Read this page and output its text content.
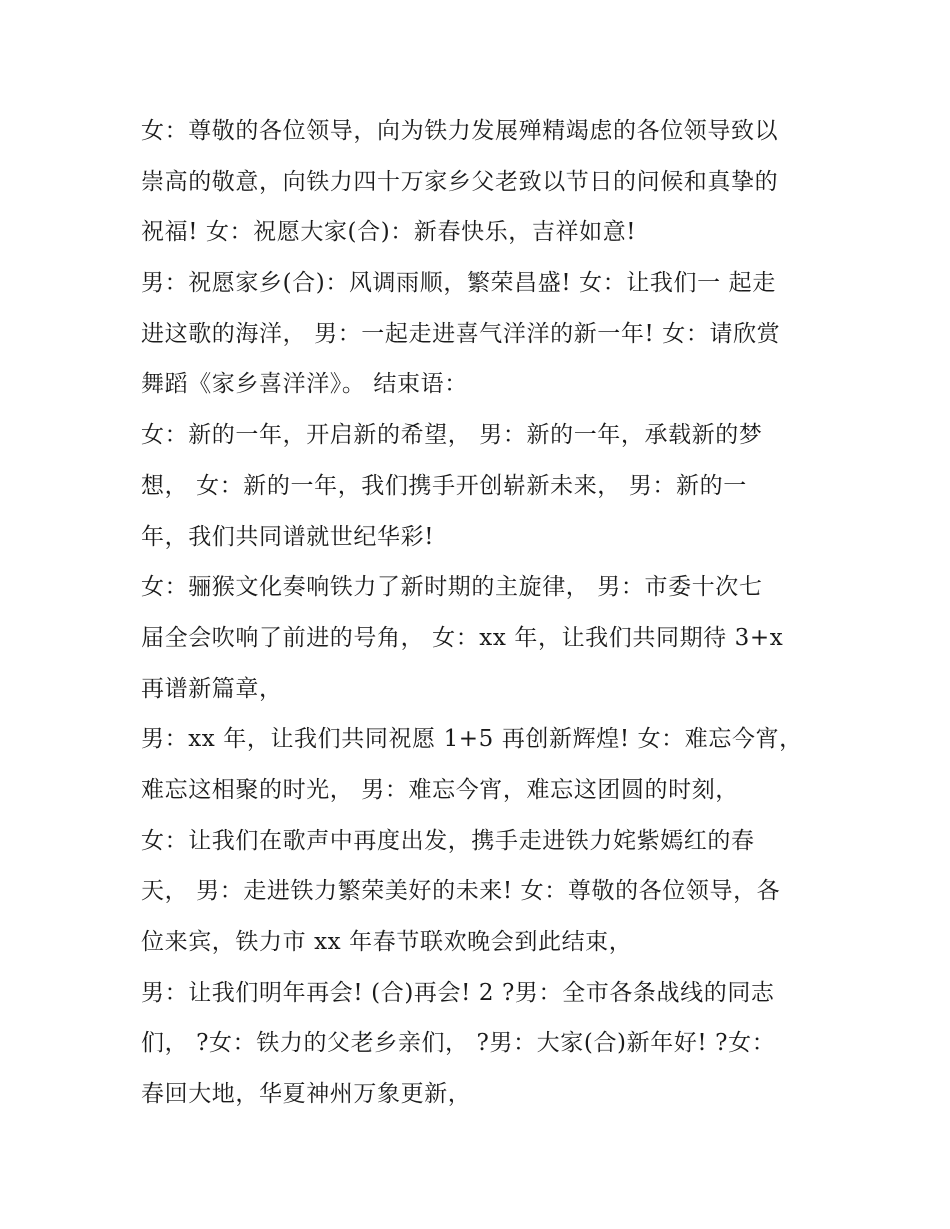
女：尊敬的各位领导，向为铁力发展殚精竭虑的各位领导致以
崇高的敬意，向铁力四十万家乡父老致以节日的问候和真挚的
祝福! 女：祝愿大家(合)：新春快乐，吉祥如意!
男：祝愿家乡(合)：风调雨顺，繁荣昌盛! 女：让我们一 起走
进这歌的海洋， 男：一起走进喜气洋洋的新一年! 女：请欣赏
舞蹈《家乡喜洋洋》。 结束语：
女：新的一年，开启新的希望， 男：新的一年，承载新的梦
想， 女：新的一年，我们携手开创崭新未来， 男：新的一
年，我们共同谱就世纪华彩!
女：骊猴文化奏响铁力了新时期的主旋律， 男：市委十次七
届全会吹响了前进的号角， 女：xx 年，让我们共同期待 3+x
再谱新篇章，
男：xx 年，让我们共同祝愿 1+5 再创新辉煌! 女：难忘今宵，
难忘这相聚的时光， 男：难忘今宵，难忘这团圆的时刻，
女：让我们在歌声中再度出发，携手走进铁力姹紫嫣红的春
天， 男：走进铁力繁荣美好的未来! 女：尊敬的各位领导，各
位来宾，铁力市 xx 年春节联欢晚会到此结束，
男：让我们明年再会! (合)再会! 2 ?男：全市各条战线的同志
们， ?女：铁力的父老乡亲们， ?男：大家(合)新年好! ?女：
春回大地，华夏神州万象更新，
